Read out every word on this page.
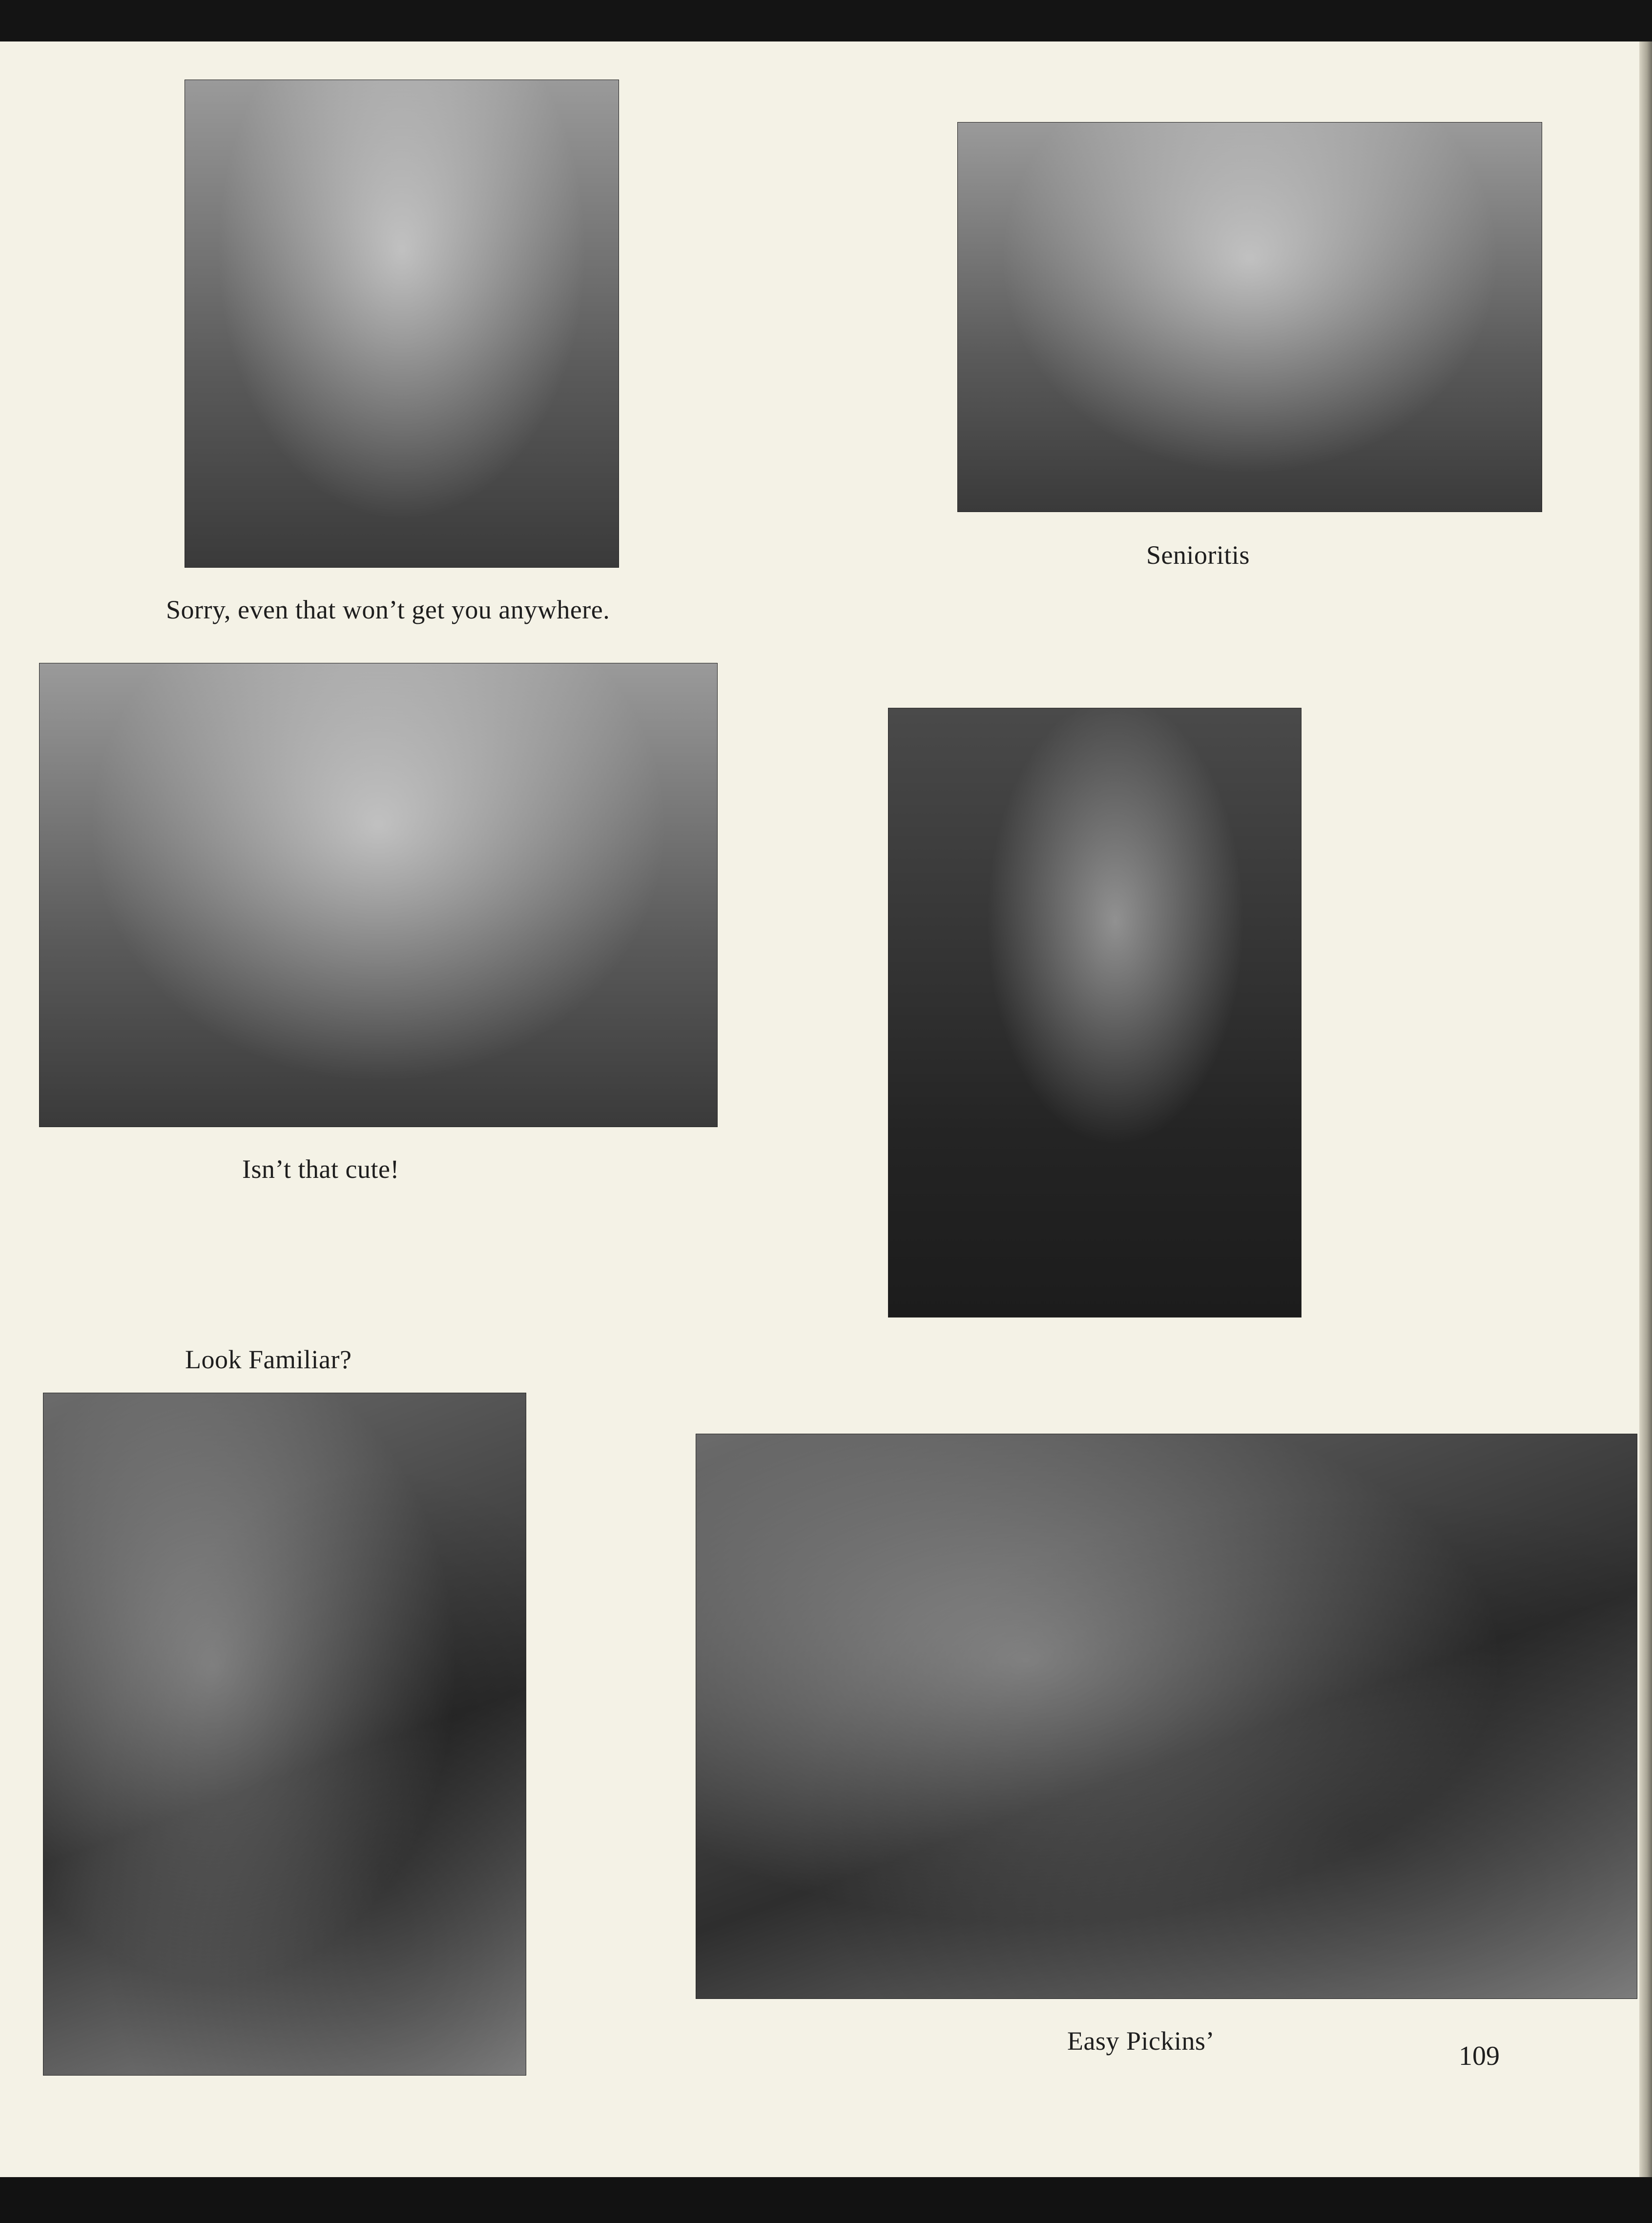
Sorry, even that won’t get you anywhere.
Senioritis
Isn’t that cute!
Look Familiar?
Easy Pickins’	109
